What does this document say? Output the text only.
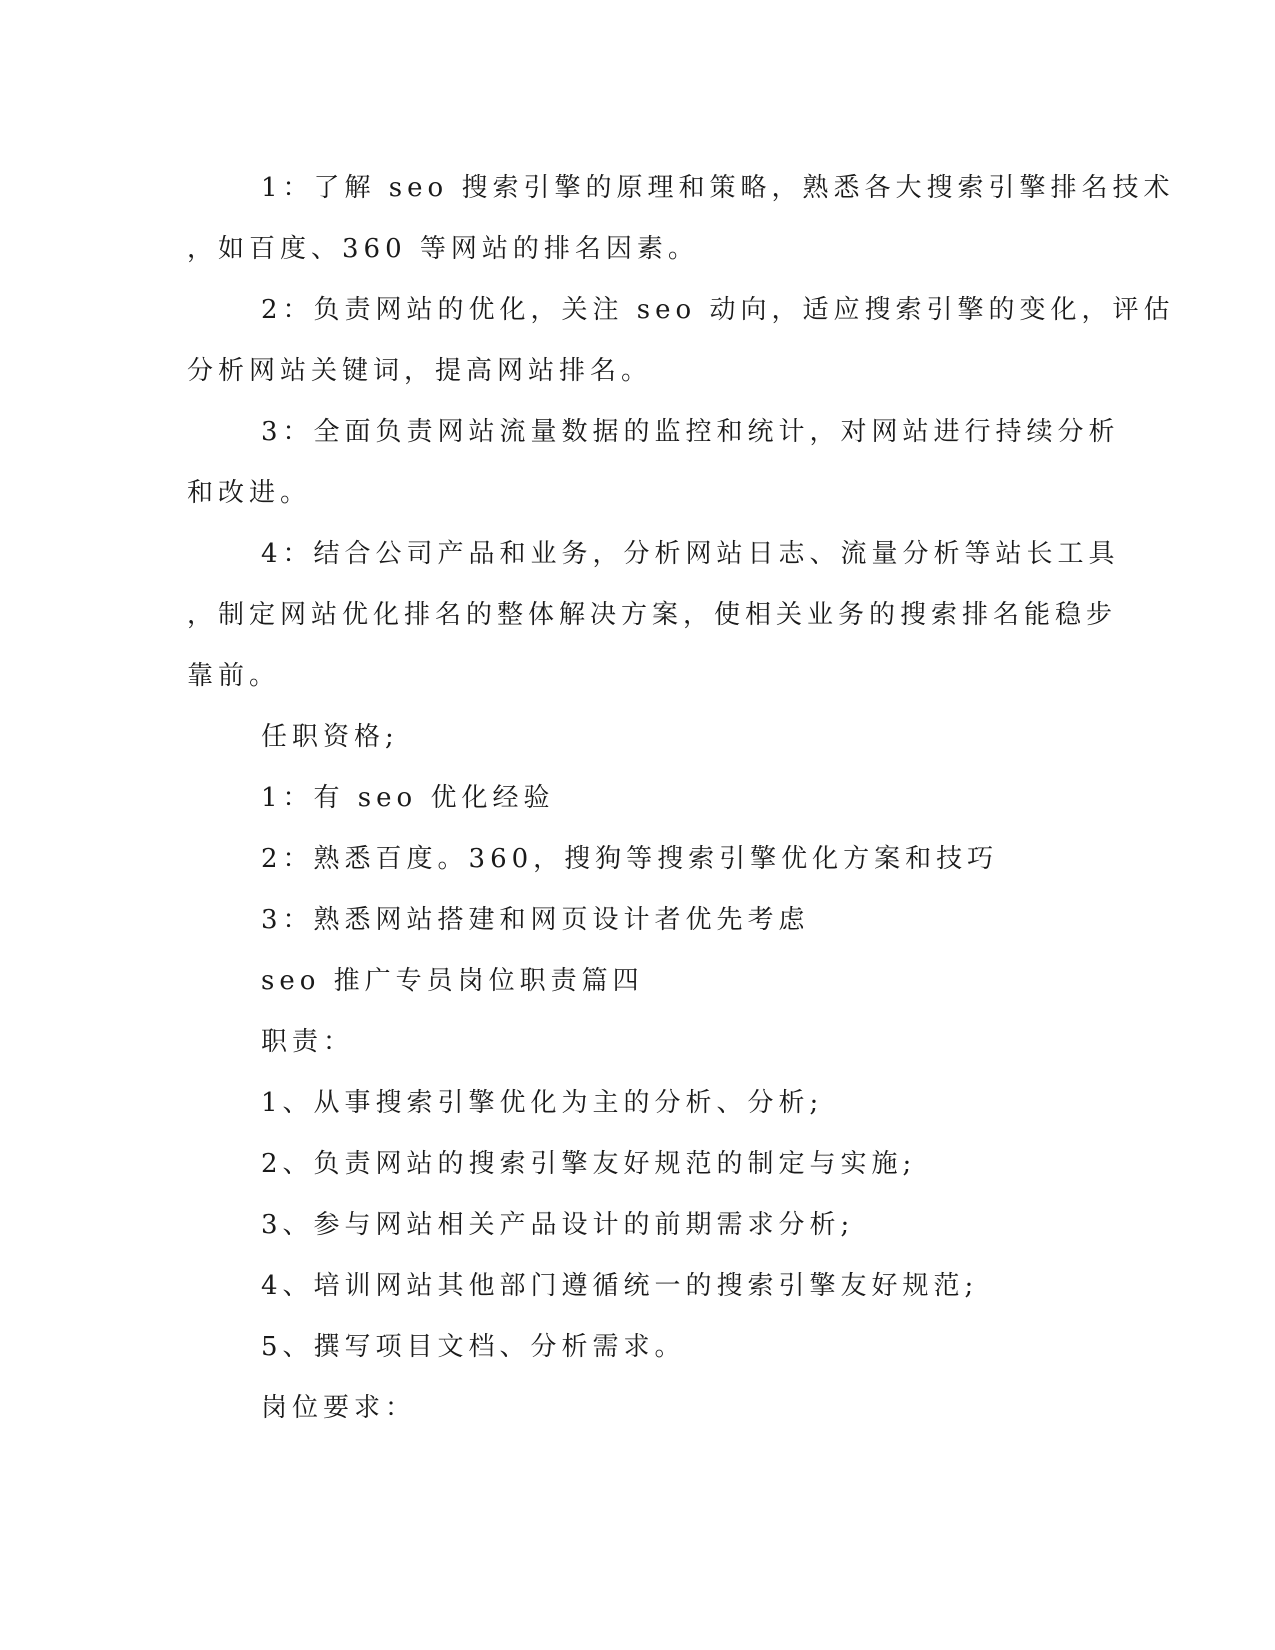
1：了解 seo 搜索引擎的原理和策略，熟悉各大搜索引擎排名技术
，如百度、360 等网站的排名因素。

2：负责网站的优化，关注 seo 动向，适应搜索引擎的变化，评估
分析网站关键词，提高网站排名。

3：全面负责网站流量数据的监控和统计，对网站进行持续分析
和改进。

4：结合公司产品和业务，分析网站日志、流量分析等站长工具
，制定网站优化排名的整体解决方案，使相关业务的搜索排名能稳步
靠前。

任职资格;

1：有 seo 优化经验

2：熟悉百度。360，搜狗等搜索引擎优化方案和技巧

3：熟悉网站搭建和网页设计者优先考虑

seo 推广专员岗位职责篇四

职责：

1、从事搜索引擎优化为主的分析、分析;

2、负责网站的搜索引擎友好规范的制定与实施;

3、参与网站相关产品设计的前期需求分析;

4、培训网站其他部门遵循统一的搜索引擎友好规范;

5、撰写项目文档、分析需求。

岗位要求：
